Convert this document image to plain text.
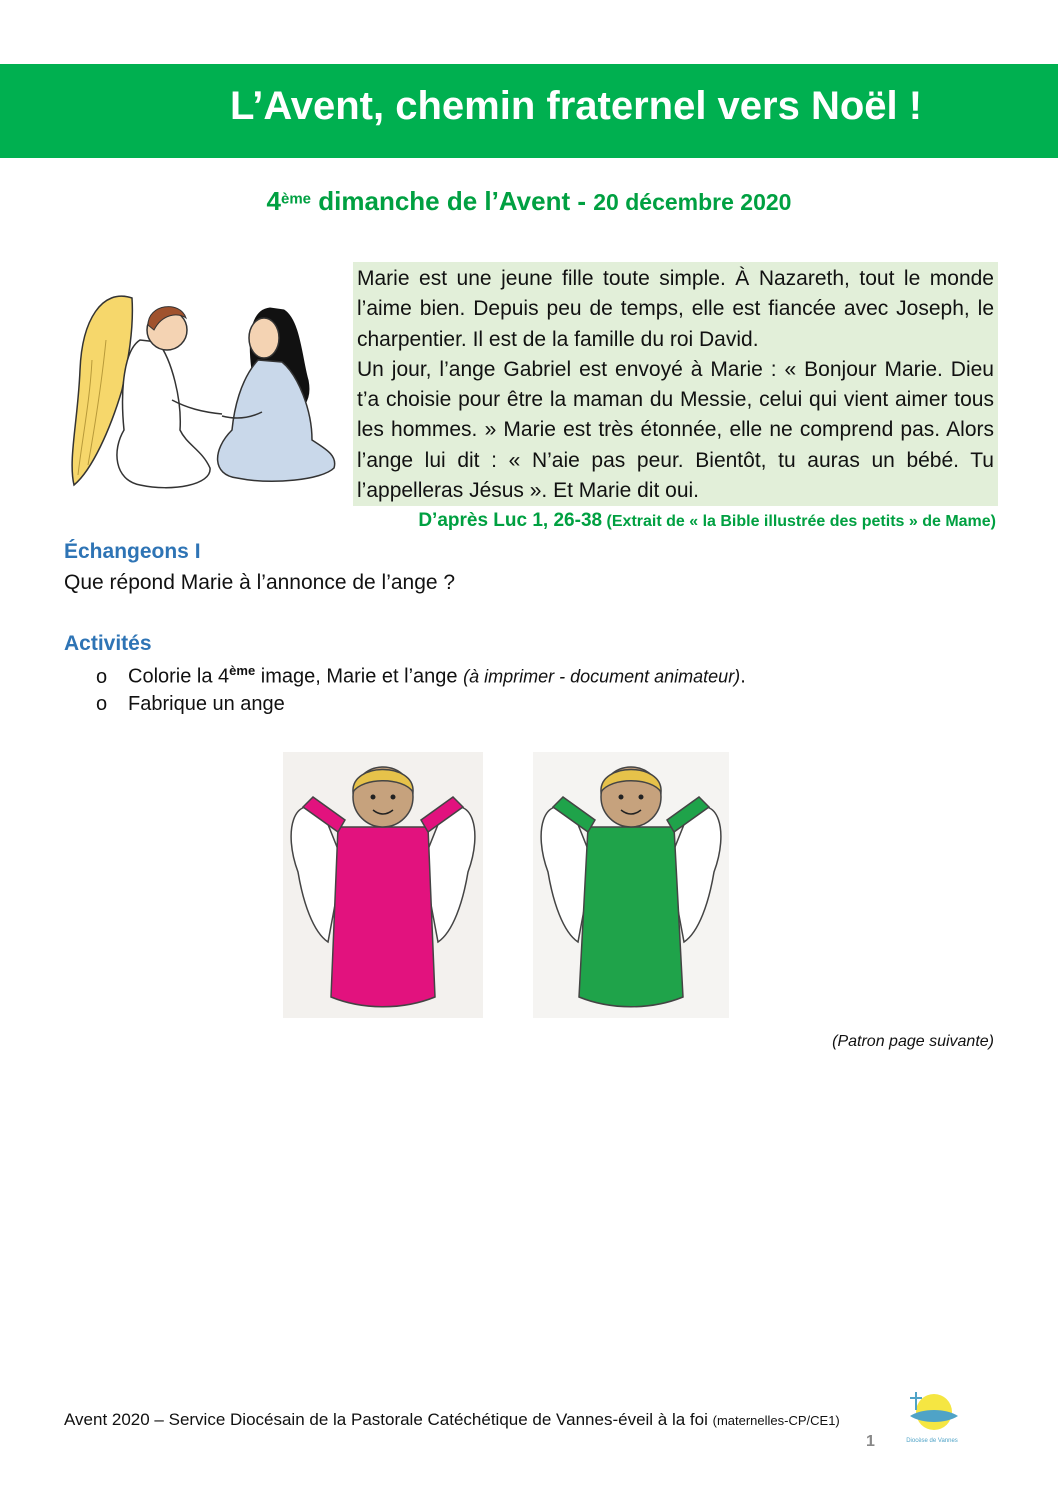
L’Avent, chemin fraternel vers Noël !

4ème dimanche de l’Avent - 20 décembre 2020

Marie est une jeune fille toute simple. À Nazareth, tout le monde l’aime bien. Depuis peu de temps, elle est fiancée avec Joseph, le charpentier. Il est de la famille du roi David.

Un jour, l’ange Gabriel est envoyé à Marie : « Bonjour Marie. Dieu t’a choisie pour être la maman du Messie, celui qui vient aimer tous les hommes. » Marie est très étonnée, elle ne comprend pas. Alors l’ange lui dit : « N’aie pas peur. Bientôt, tu auras un bébé. Tu l’appelleras Jésus ». Et Marie dit oui.

D’après Luc 1, 26-38 (Extrait de « la Bible illustrée des petits » de Mame)

Échangeons I

Que répond Marie à l’annonce de l’ange ?

Activités

o Colorie la 4ème image, Marie et l’ange (à imprimer - document animateur).

o Fabrique un ange

(Patron page suivante)

Avent 2020 – Service Diocésain de la Pastorale Catéchétique de Vannes-éveil à la foi (maternelles-CP/CE1)

Diocèse de Vannes

1
